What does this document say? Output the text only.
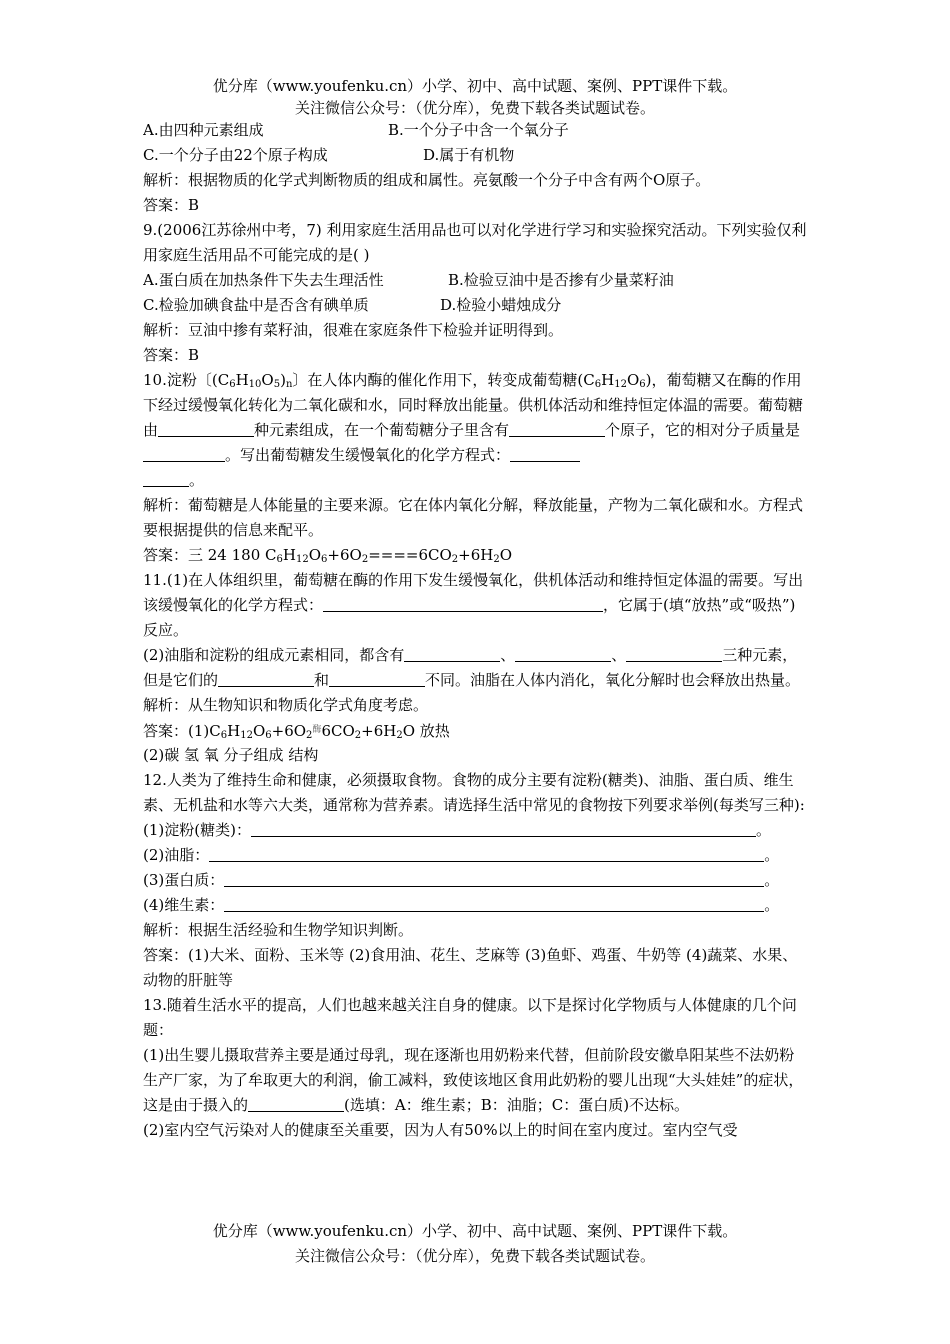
优分库（www.youfenku.cn）小学、初中、高中试题、案例、PPT课件下载。
关注微信公众号：（优分库），免费下载各类试题试卷。
A.由四种元素组成	B.一个分子中含一个氧分子
C.一个分子由22个原子构成	D.属于有机物
解析：根据物质的化学式判断物质的组成和属性。亮氨酸一个分子中含有两个O原子。
答案：B
9.(2006江苏徐州中考，7) 利用家庭生活用品也可以对化学进行学习和实验探究活动。下列实验仅利用家庭生活用品不可能完成的是( )
A.蛋白质在加热条件下失去生理活性	B.检验豆油中是否掺有少量菜籽油
C.检验加碘食盐中是否含有碘单质	D.检验小蜡烛成分
解析：豆油中掺有菜籽油，很难在家庭条件下检验并证明得到。
答案：B
10.淀粉〔$(C_6H_{10}O_5)_n$〕在人体内酶的催化作用下，转变成葡萄糖$(C_6H_{12}O_6)$，葡萄糖又在酶的作用下经过缓慢氧化转化为二氧化碳和水，同时释放出能量。供机体活动和维持恒定体温的需要。葡萄糖由	种元素组成，在一个葡萄糖分子里含有	个原子，它的相对分子质量是。写出葡萄糖发生缓慢氧化的化学方程式：
。
解析：葡萄糖是人体能量的主要来源。它在体内氧化分解，释放能量，产物为二氧化碳和水。方程式要根据提供的信息来配平。
答案：三 24 180 $C_6H_{12}O_6+6O_2====6CO_2+6H_2O$
11.(1)在人体组织里，葡萄糖在酶的作用下发生缓慢氧化，供机体活动和维持恒定体温的需要。写出该缓慢氧化的化学方程式：	，它属于(填“放热”或“吸热”)反应。
(2)油脂和淀粉的组成元素相同，都含有	、	、	三种元素，但是它们的	和	不同。油脂在人体内消化，氧化分解时也会释放出热量。
解析：从生物知识和物质化学式角度考虑。
答案：$(1)C_6H_{12}O_6+6O_2^酶6CO_2+6H_2O$ 放热
(2)碳 氢 氧 分子组成 结构
12.人类为了维持生命和健康，必须摄取食物。食物的成分主要有淀粉(糖类)、油脂、蛋白质、维生素、无机盐和水等六大类，通常称为营养素。请选择生活中常见的食物按下列要求举例(每类写三种):
(1)淀粉(糖类)：	。
(2)油脂：	。
(3)蛋白质：	。
(4)维生素：	。
解析：根据生活经验和生物学知识判断。
答案：(1)大米、面粉、玉米等 (2)食用油、花生、芝麻等 (3)鱼虾、鸡蛋、牛奶等 (4)蔬菜、水果、动物的肝脏等
13.随着生活水平的提高，人们也越来越关注自身的健康。以下是探讨化学物质与人体健康的几个问题：
(1)出生婴儿摄取营养主要是通过母乳，现在逐渐也用奶粉来代替，但前阶段安徽阜阳某些不法奶粉生产厂家，为了牟取更大的利润，偷工减料，致使该地区食用此奶粉的婴儿出现“大头娃娃”的症状，这是由于摄入的	(选填：A：维生素；B：油脂；C：蛋白质)不达标。
(2)室内空气污染对人的健康至关重要，因为人有50%以上的时间在室内度过。室内空气受
优分库（www.youfenku.cn）小学、初中、高中试题、案例、PPT课件下载。
关注微信公众号：（优分库），免费下载各类试题试卷。
